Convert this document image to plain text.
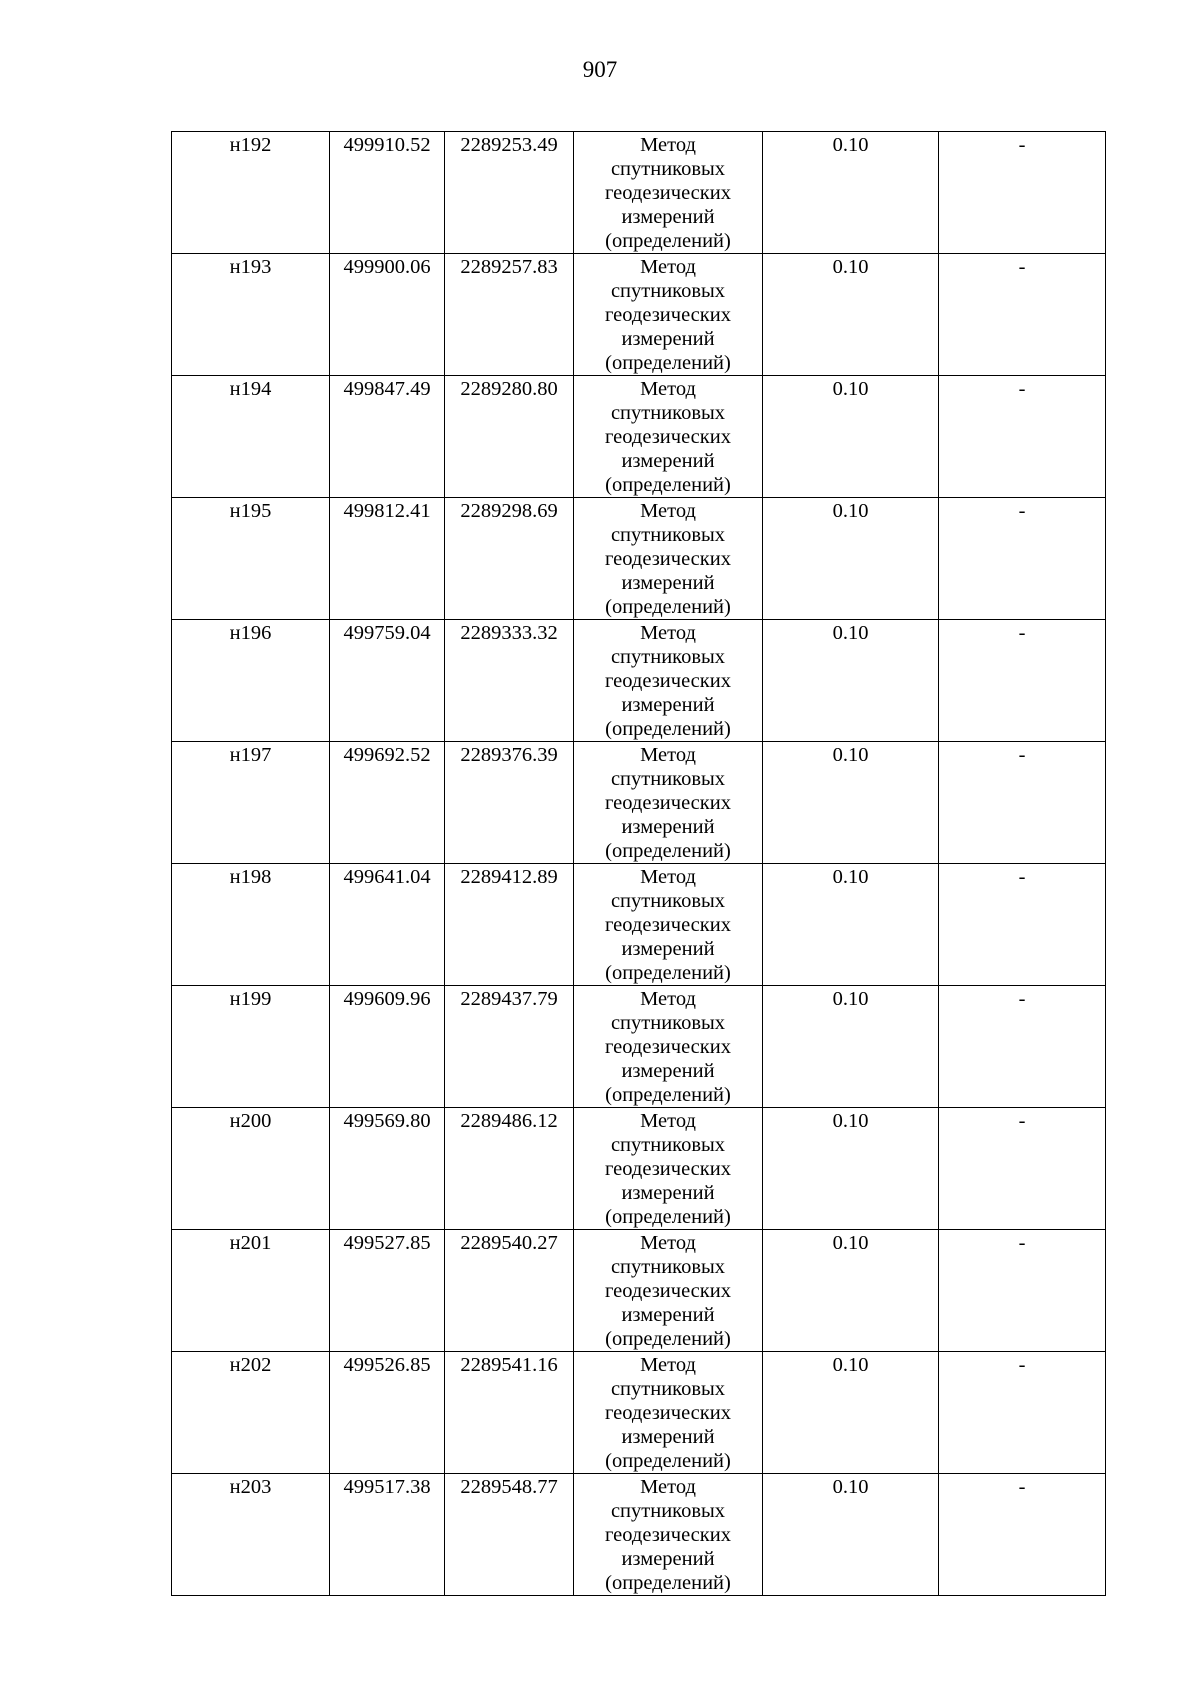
907
н192	499910.52	2289253.49	Метод
спутниковых
геодезических
измерений
(определений)	0.10	-
н193	499900.06	2289257.83	Метод
спутниковых
геодезических
измерений
(определений)	0.10	-
н194	499847.49	2289280.80	Метод
спутниковых
геодезических
измерений
(определений)	0.10	-
н195	499812.41	2289298.69	Метод
спутниковых
геодезических
измерений
(определений)	0.10	-
н196	499759.04	2289333.32	Метод
спутниковых
геодезических
измерений
(определений)	0.10	-
н197	499692.52	2289376.39	Метод
спутниковых
геодезических
измерений
(определений)	0.10	-
н198	499641.04	2289412.89	Метод
спутниковых
геодезических
измерений
(определений)	0.10	-
н199	499609.96	2289437.79	Метод
спутниковых
геодезических
измерений
(определений)	0.10	-
н200	499569.80	2289486.12	Метод
спутниковых
геодезических
измерений
(определений)	0.10	-
н201	499527.85	2289540.27	Метод
спутниковых
геодезических
измерений
(определений)	0.10	-
н202	499526.85	2289541.16	Метод
спутниковых
геодезических
измерений
(определений)	0.10	-
н203	499517.38	2289548.77	Метод
спутниковых
геодезических
измерений
(определений)	0.10	-
